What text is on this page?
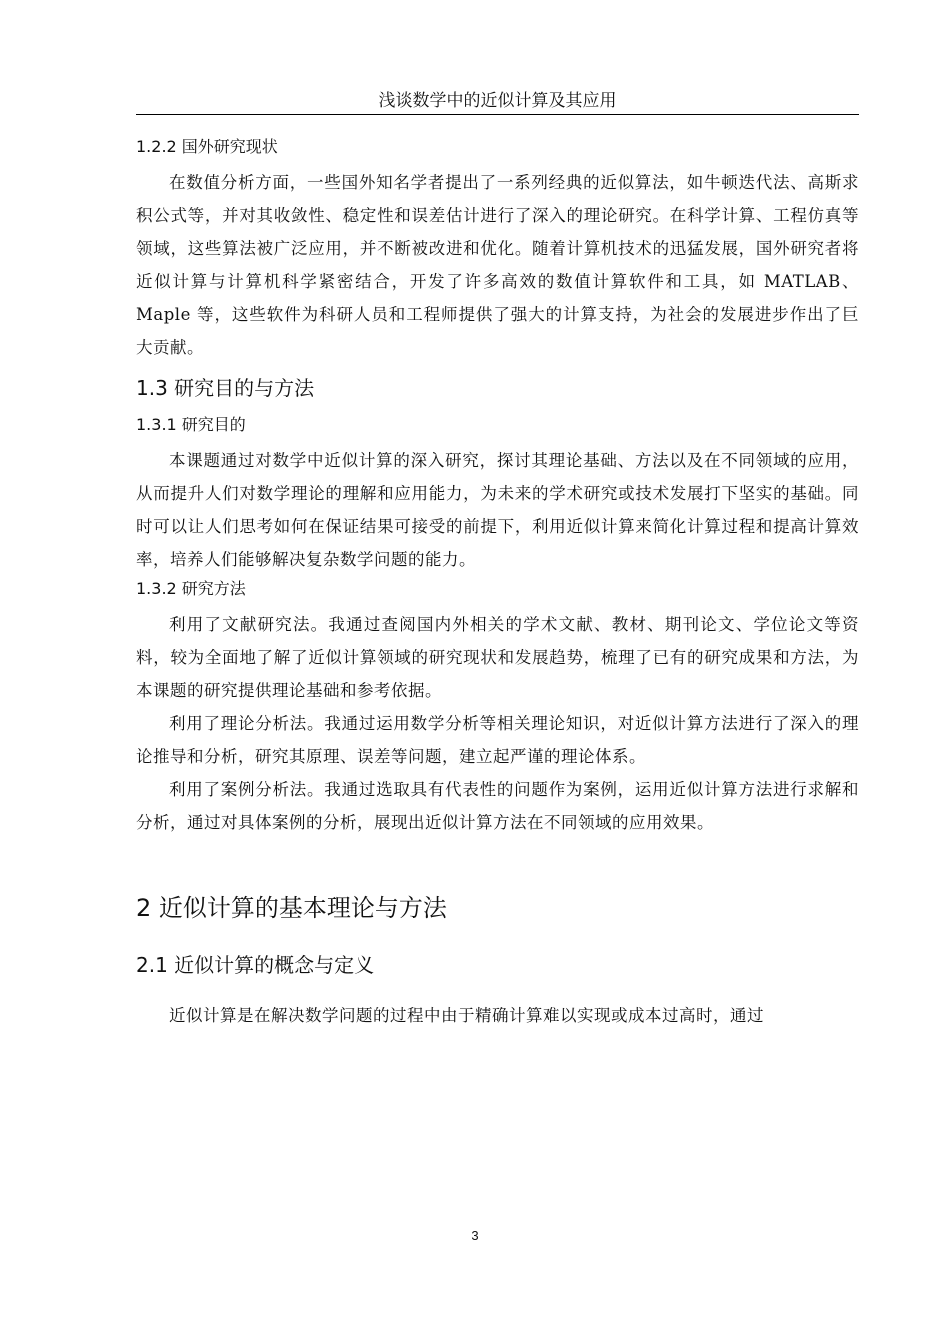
浅谈数学中的近似计算及其应用
1.2.2 国外研究现状

在数值分析方面，一些国外知名学者提出了一系列经典的近似算法，如牛顿迭代法、高斯求积公式等，并对其收敛性、稳定性和误差估计进行了深入的理论研究。在科学计算、工程仿真等领域，这些算法被广泛应用，并不断被改进和优化。随着计算机技术的迅猛发展，国外研究者将近似计算与计算机科学紧密结合，开发了许多高效的数值计算软件和工具，如 MATLAB、Maple 等，这些软件为科研人员和工程师提供了强大的计算支持，为社会的发展进步作出了巨大贡献。

1.3 研究目的与方法
1.3.1 研究目的

本课题通过对数学中近似计算的深入研究，探讨其理论基础、方法以及在不同领域的应用，从而提升人们对数学理论的理解和应用能力，为未来的学术研究或技术发展打下坚实的基础。同时可以让人们思考如何在保证结果可接受的前提下，利用近似计算来简化计算过程和提高计算效率，培养人们能够解决复杂数学问题的能力。

1.3.2 研究方法

利用了文献研究法。我通过查阅国内外相关的学术文献、教材、期刊论文、学位论文等资料，较为全面地了解了近似计算领域的研究现状和发展趋势，梳理了已有的研究成果和方法，为本课题的研究提供理论基础和参考依据。

利用了理论分析法。我通过运用数学分析等相关理论知识，对近似计算方法进行了深入的理论推导和分析，研究其原理、误差等问题，建立起严谨的理论体系。

利用了案例分析法。我通过选取具有代表性的问题作为案例，运用近似计算方法进行求解和分析，通过对具体案例的分析，展现出近似计算方法在不同领域的应用效果。

2 近似计算的基本理论与方法
2.1 近似计算的概念与定义

近似计算是在解决数学问题的过程中由于精确计算难以实现或成本过高时，通过

3
